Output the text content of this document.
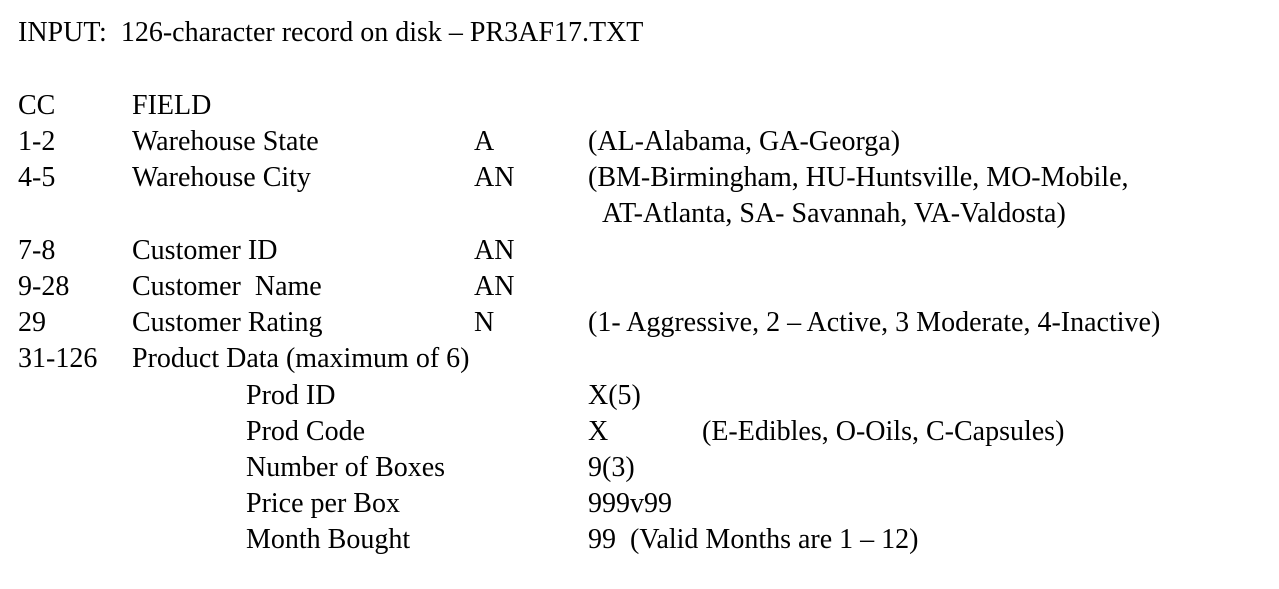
INPUT:  126-character record on disk – PR3AF17.TXT
CC	FIELD
1-2	Warehouse State	A	(AL-Alabama, GA-Georga)
4-5	Warehouse City	AN	(BM-Birmingham, HU-Huntsville, MO-Mobile,
AT-Atlanta, SA- Savannah, VA-Valdosta)
7-8	Customer ID	AN
9-28 Customer  Name	AN
29	Customer Rating	N	(1- Aggressive, 2 – Active, 3 Moderate, 4-Inactive)
31-126 Product Data (maximum of 6)
Prod ID	X(5)
Prod Code	X	(E-Edibles, O-Oils, C-Capsules)
Number of Boxes	9(3)
Price per Box	999v99
Month Bought	99  (Valid Months are 1 – 12)
